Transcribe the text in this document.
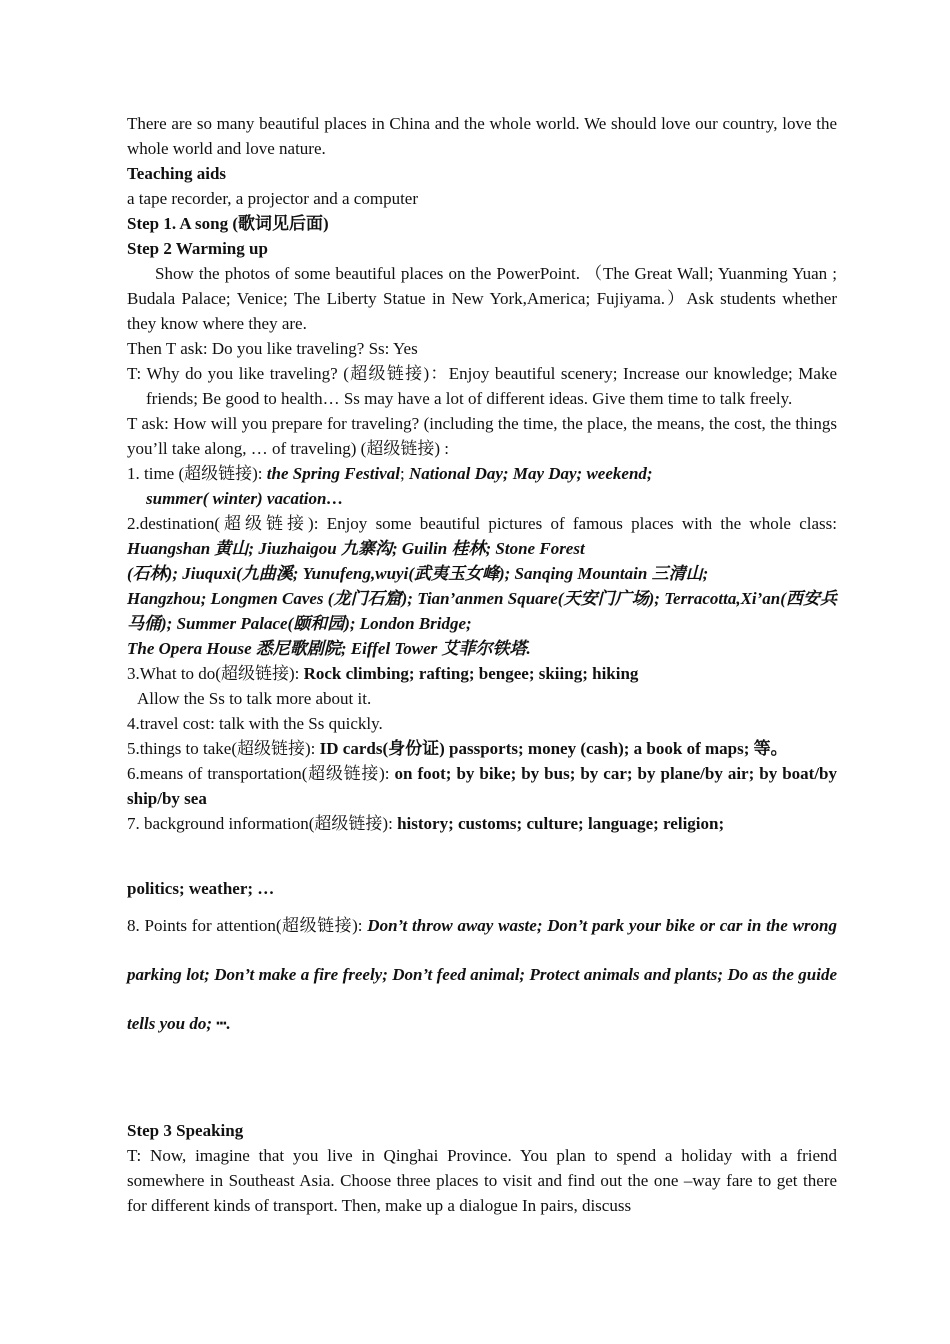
There are so many beautiful places in China and the whole world. We should love our country, love the whole world and love nature.

Teaching aids

a tape recorder, a projector and a computer

Step 1. A song (歌词见后面)

Step 2 Warming up

Show the photos of some beautiful places on the PowerPoint. （The Great Wall; Yuanming Yuan ; Budala Palace; Venice; The Liberty Statue in New York,America; Fujiyama.）Ask students whether they know where they are.

Then T ask: Do you like traveling? Ss: Yes

T: Why do you like traveling? (超级链接)：Enjoy beautiful scenery; Increase our knowledge; Make friends; Be good to health… Ss may have a lot of different ideas. Give them time to talk freely.

T ask: How will you prepare for traveling? (including the time, the place, the means, the cost, the things you’ll take along, … of traveling) (超级链接) :

1. time (超级链接): the Spring Festival; National Day; May Day; weekend;

summer( winter) vacation…

2.destination(超级链接): Enjoy some beautiful pictures of famous places with the whole class: Huangshan 黄山; Jiuzhaigou 九寨沟; Guilin 桂林; Stone Forest

(石林); Jiuquxi(九曲溪; Yunufeng,wuyi(武夷玉女峰); Sanqing Mountain 三清山;

Hangzhou; Longmen Caves (龙门石窟); Tian’anmen Square(天安门广场); Terracotta,Xi’an(西安兵马俑); Summer Palace(颐和园); London Bridge;

The Opera House 悉尼歌剧院; Eiffel Tower 艾菲尔铁塔.

3.What to do(超级链接): Rock climbing; rafting; bengee; skiing; hiking

Allow the Ss to talk more about it.

4.travel cost: talk with the Ss quickly.

5.things to take(超级链接): ID cards(身份证) passports; money (cash); a book of maps; 等。

6.means of transportation(超级链接): on foot; by bike; by bus; by car; by plane/by air; by boat/by ship/by sea

7. background information(超级链接): history; customs; culture; language; religion;

politics; weather; …

8. Points for attention(超级链接): Don’t throw away waste; Don’t park your bike or car in the wrong parking lot; Don’t make a fire freely; Don’t feed animal; Protect animals and plants; Do as the guide tells you do; ┅.

Step 3 Speaking

T: Now, imagine that you live in Qinghai Province. You plan to spend a holiday with a friend somewhere in Southeast Asia. Choose three places to visit and find out the one –way fare to get there for different kinds of transport. Then, make up a dialogue In pairs, discuss
